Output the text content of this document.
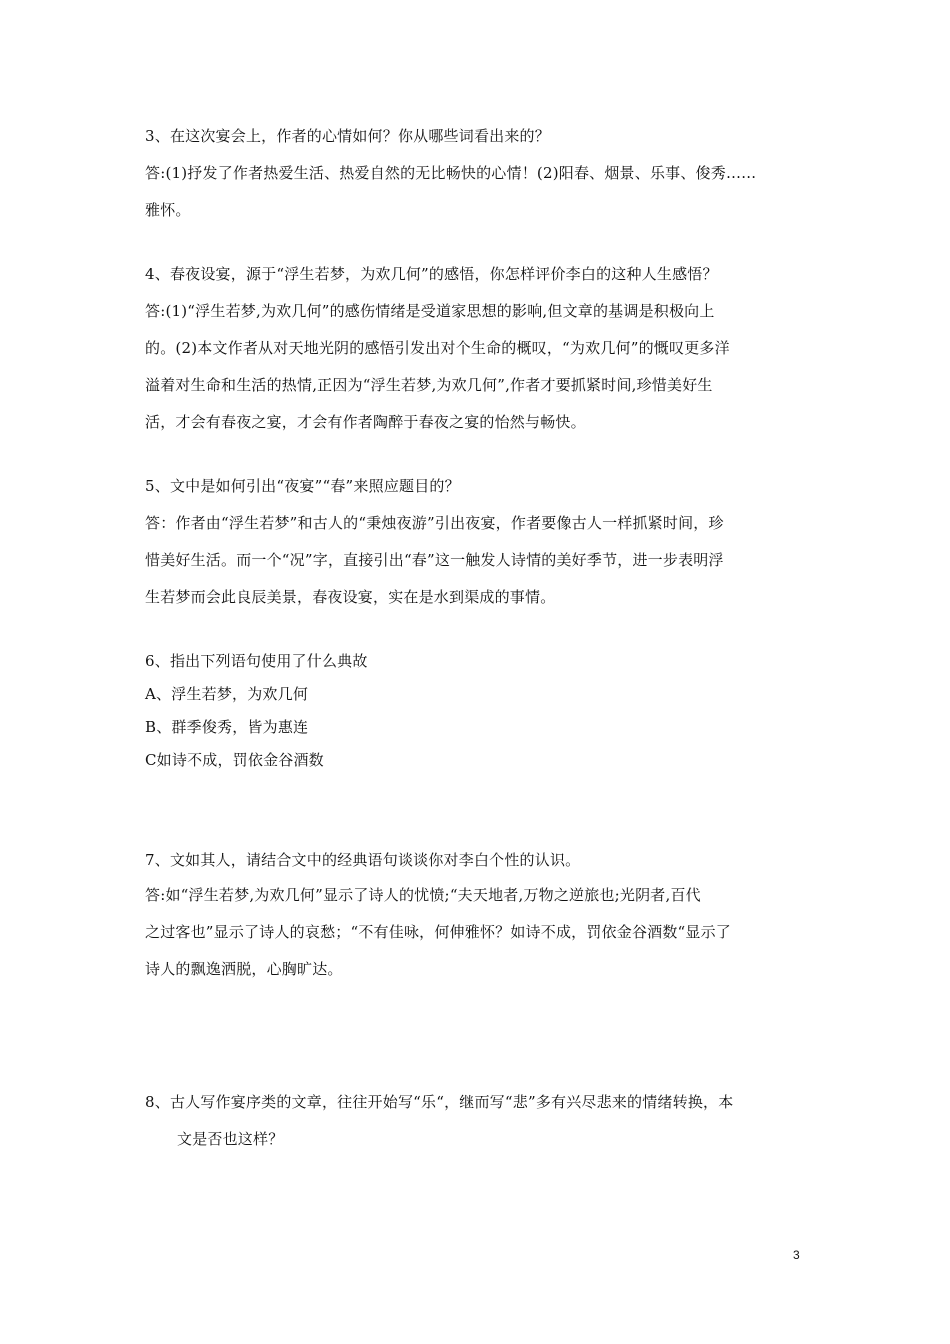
3、在这次宴会上，作者的心情如何？你从哪些词看出来的？
答:(1)抒发了作者热爱生活、热爱自然的无比畅快的心情！(2)阳春、烟景、乐事、俊秀……
雅怀。
4、春夜设宴，源于“浮生若梦，为欢几何”的感悟，你怎样评价李白的这种人生感悟？
答:(1)“浮生若梦,为欢几何”的感伤情绪是受道家思想的影响,但文章的基调是积极向上
的。(2)本文作者从对天地光阴的感悟引发出对个生命的概叹，“为欢几何”的慨叹更多洋
溢着对生命和生活的热情,正因为“浮生若梦,为欢几何”,作者才要抓紧时间,珍惜美好生
活，才会有春夜之宴，才会有作者陶醉于春夜之宴的怡然与畅快。
5、文中是如何引出“夜宴”“春”来照应题目的？
答：作者由“浮生若梦”和古人的“秉烛夜游”引出夜宴，作者要像古人一样抓紧时间，珍
惜美好生活。而一个“况”字，直接引出“春”这一触发人诗情的美好季节，进一步表明浮
生若梦而会此良辰美景，春夜设宴，实在是水到渠成的事情。
6、指出下列语句使用了什么典故
A、浮生若梦，为欢几何
B、群季俊秀，皆为惠连
C如诗不成，罚依金谷酒数
7、文如其人，请结合文中的经典语句谈谈你对李白个性的认识。
答:如“浮生若梦,为欢几何”显示了诗人的忧愤;“夫天地者,万物之逆旅也;光阴者,百代
之过客也”显示了诗人的哀愁；“不有佳咏，何伸雅怀？如诗不成，罚依金谷酒数“显示了
诗人的飘逸洒脱，心胸旷达。
8、古人写作宴序类的文章，往往开始写“乐“，继而写“悲”多有兴尽悲来的情绪转换，本
文是否也这样？
3
